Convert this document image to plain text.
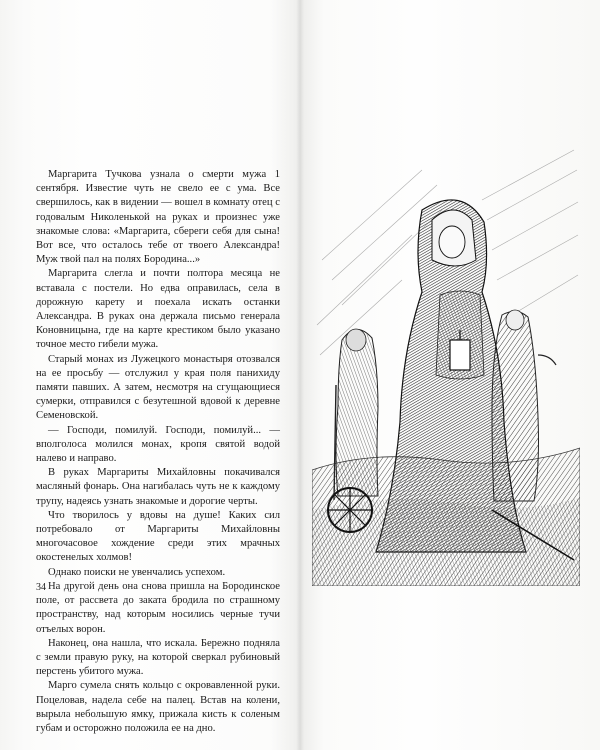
Маргарита Тучкова узнала о смерти мужа 1 сентября. Известие чуть не свело ее с ума. Все свершилось, как в видении — вошел в комнату отец с годовалым Николенькой на руках и произнес уже знакомые слова: «Маргарита, сбереги себя для сына! Вот все, что осталось тебе от твоего Александра! Муж твой пал на полях Бородина...»

Маргарита слегла и почти полтора месяца не вставала с постели. Но едва оправилась, села в дорожную карету и поехала искать останки Александра. В руках она держала письмо генерала Коновницына, где на карте крестиком было указано точное место гибели мужа.

Старый монах из Лужецкого монастыря отозвался на ее просьбу — отслужил у края поля панихиду памяти павших. А затем, несмотря на сгущающиеся сумерки, отправился с безутешной вдовой к деревне Семеновской.

— Господи, помилуй. Господи, помилуй... — вполголоса молился монах, кропя святой водой налево и направо.

В руках Маргариты Михайловны покачивался масляный фонарь. Она нагибалась чуть не к каждому трупу, надеясь узнать знакомые и дорогие черты.

Что творилось у вдовы на душе! Каких сил потребовало от Маргариты Михайловны многочасовое хождение среди этих мрачных окостенелых холмов!

Однако поиски не увенчались успехом.

На другой день она снова пришла на Бородинское поле, от рассвета до заката бродила по страшному пространству, над которым носились черные тучи отъелых ворон.

Наконец, она нашла, что искала. Бережно подняла с земли правую руку, на которой сверкал рубиновый перстень убитого мужа.

Марго сумела снять кольцо с окровавленной руки. Поцеловав, надела себе на палец. Встав на колени, вырыла небольшую ямку, прижала кисть к соленым губам и осторожно положила ее на дно.

34
